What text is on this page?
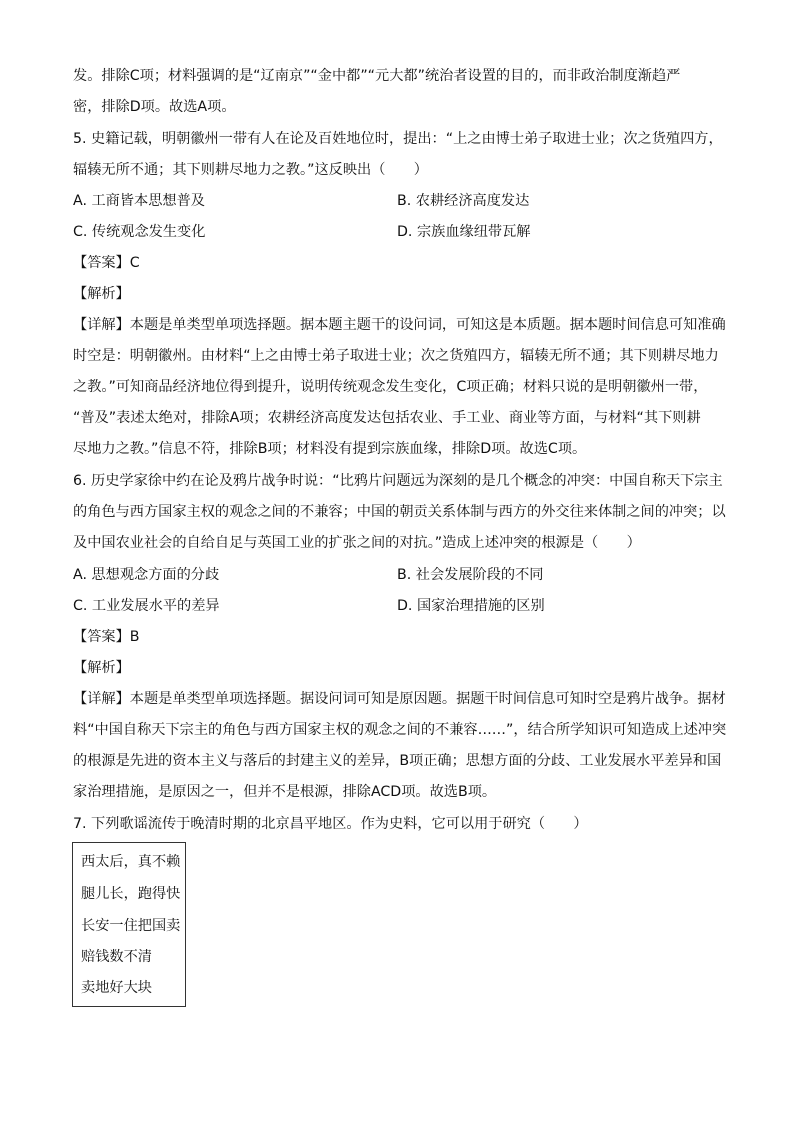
发。排除C项；材料强调的是“辽南京”“金中都”“元大都”统治者设置的目的，而非政治制度渐趋严
密，排除D项。故选A项。
5. 史籍记载，明朝徽州一带有人在论及百姓地位时，提出：“上之由博士弟子取进士业；次之货殖四方，
辐辏无所不通；其下则耕尽地力之教。”这反映出（　　）
A. 工商皆本思想普及	B. 农耕经济高度发达
C. 传统观念发生变化	D. 宗族血缘纽带瓦解
【答案】C
【解析】
【详解】本题是单类型单项选择题。据本题主题干的设问词，可知这是本质题。据本题时间信息可知准确
时空是：明朝徽州。由材料“上之由博士弟子取进士业；次之货殖四方，辐辏无所不通；其下则耕尽地力
之教。”可知商品经济地位得到提升，说明传统观念发生变化，C项正确；材料只说的是明朝徽州一带，
“普及”表述太绝对，排除A项；农耕经济高度发达包括农业、手工业、商业等方面，与材料“其下则耕
尽地力之教。”信息不符，排除B项；材料没有提到宗族血缘，排除D项。故选C项。
6. 历史学家徐中约在论及鸦片战争时说：“比鸦片问题远为深刻的是几个概念的冲突：中国自称天下宗主
的角色与西方国家主权的观念之间的不兼容；中国的朝贡关系体制与西方的外交往来体制之间的冲突；以
及中国农业社会的自给自足与英国工业的扩张之间的对抗。”造成上述冲突的根源是（　　）
A. 思想观念方面的分歧	B. 社会发展阶段的不同
C. 工业发展水平的差异	D. 国家治理措施的区别
【答案】B
【解析】
【详解】本题是单类型单项选择题。据设问词可知是原因题。据题干时间信息可知时空是鸦片战争。据材
料“中国自称天下宗主的角色与西方国家主权的观念之间的不兼容……”，结合所学知识可知造成上述冲突
的根源是先进的资本主义与落后的封建主义的差异，B项正确；思想方面的分歧、工业发展水平差异和国
家治理措施，是原因之一，但并不是根源，排除ACD项。故选B项。
7. 下列歌谣流传于晚清时期的北京昌平地区。作为史料，它可以用于研究（　　）
西太后，真不赖
腿儿长，跑得快
长安一住把国卖
赔钱数不清
卖地好大块
